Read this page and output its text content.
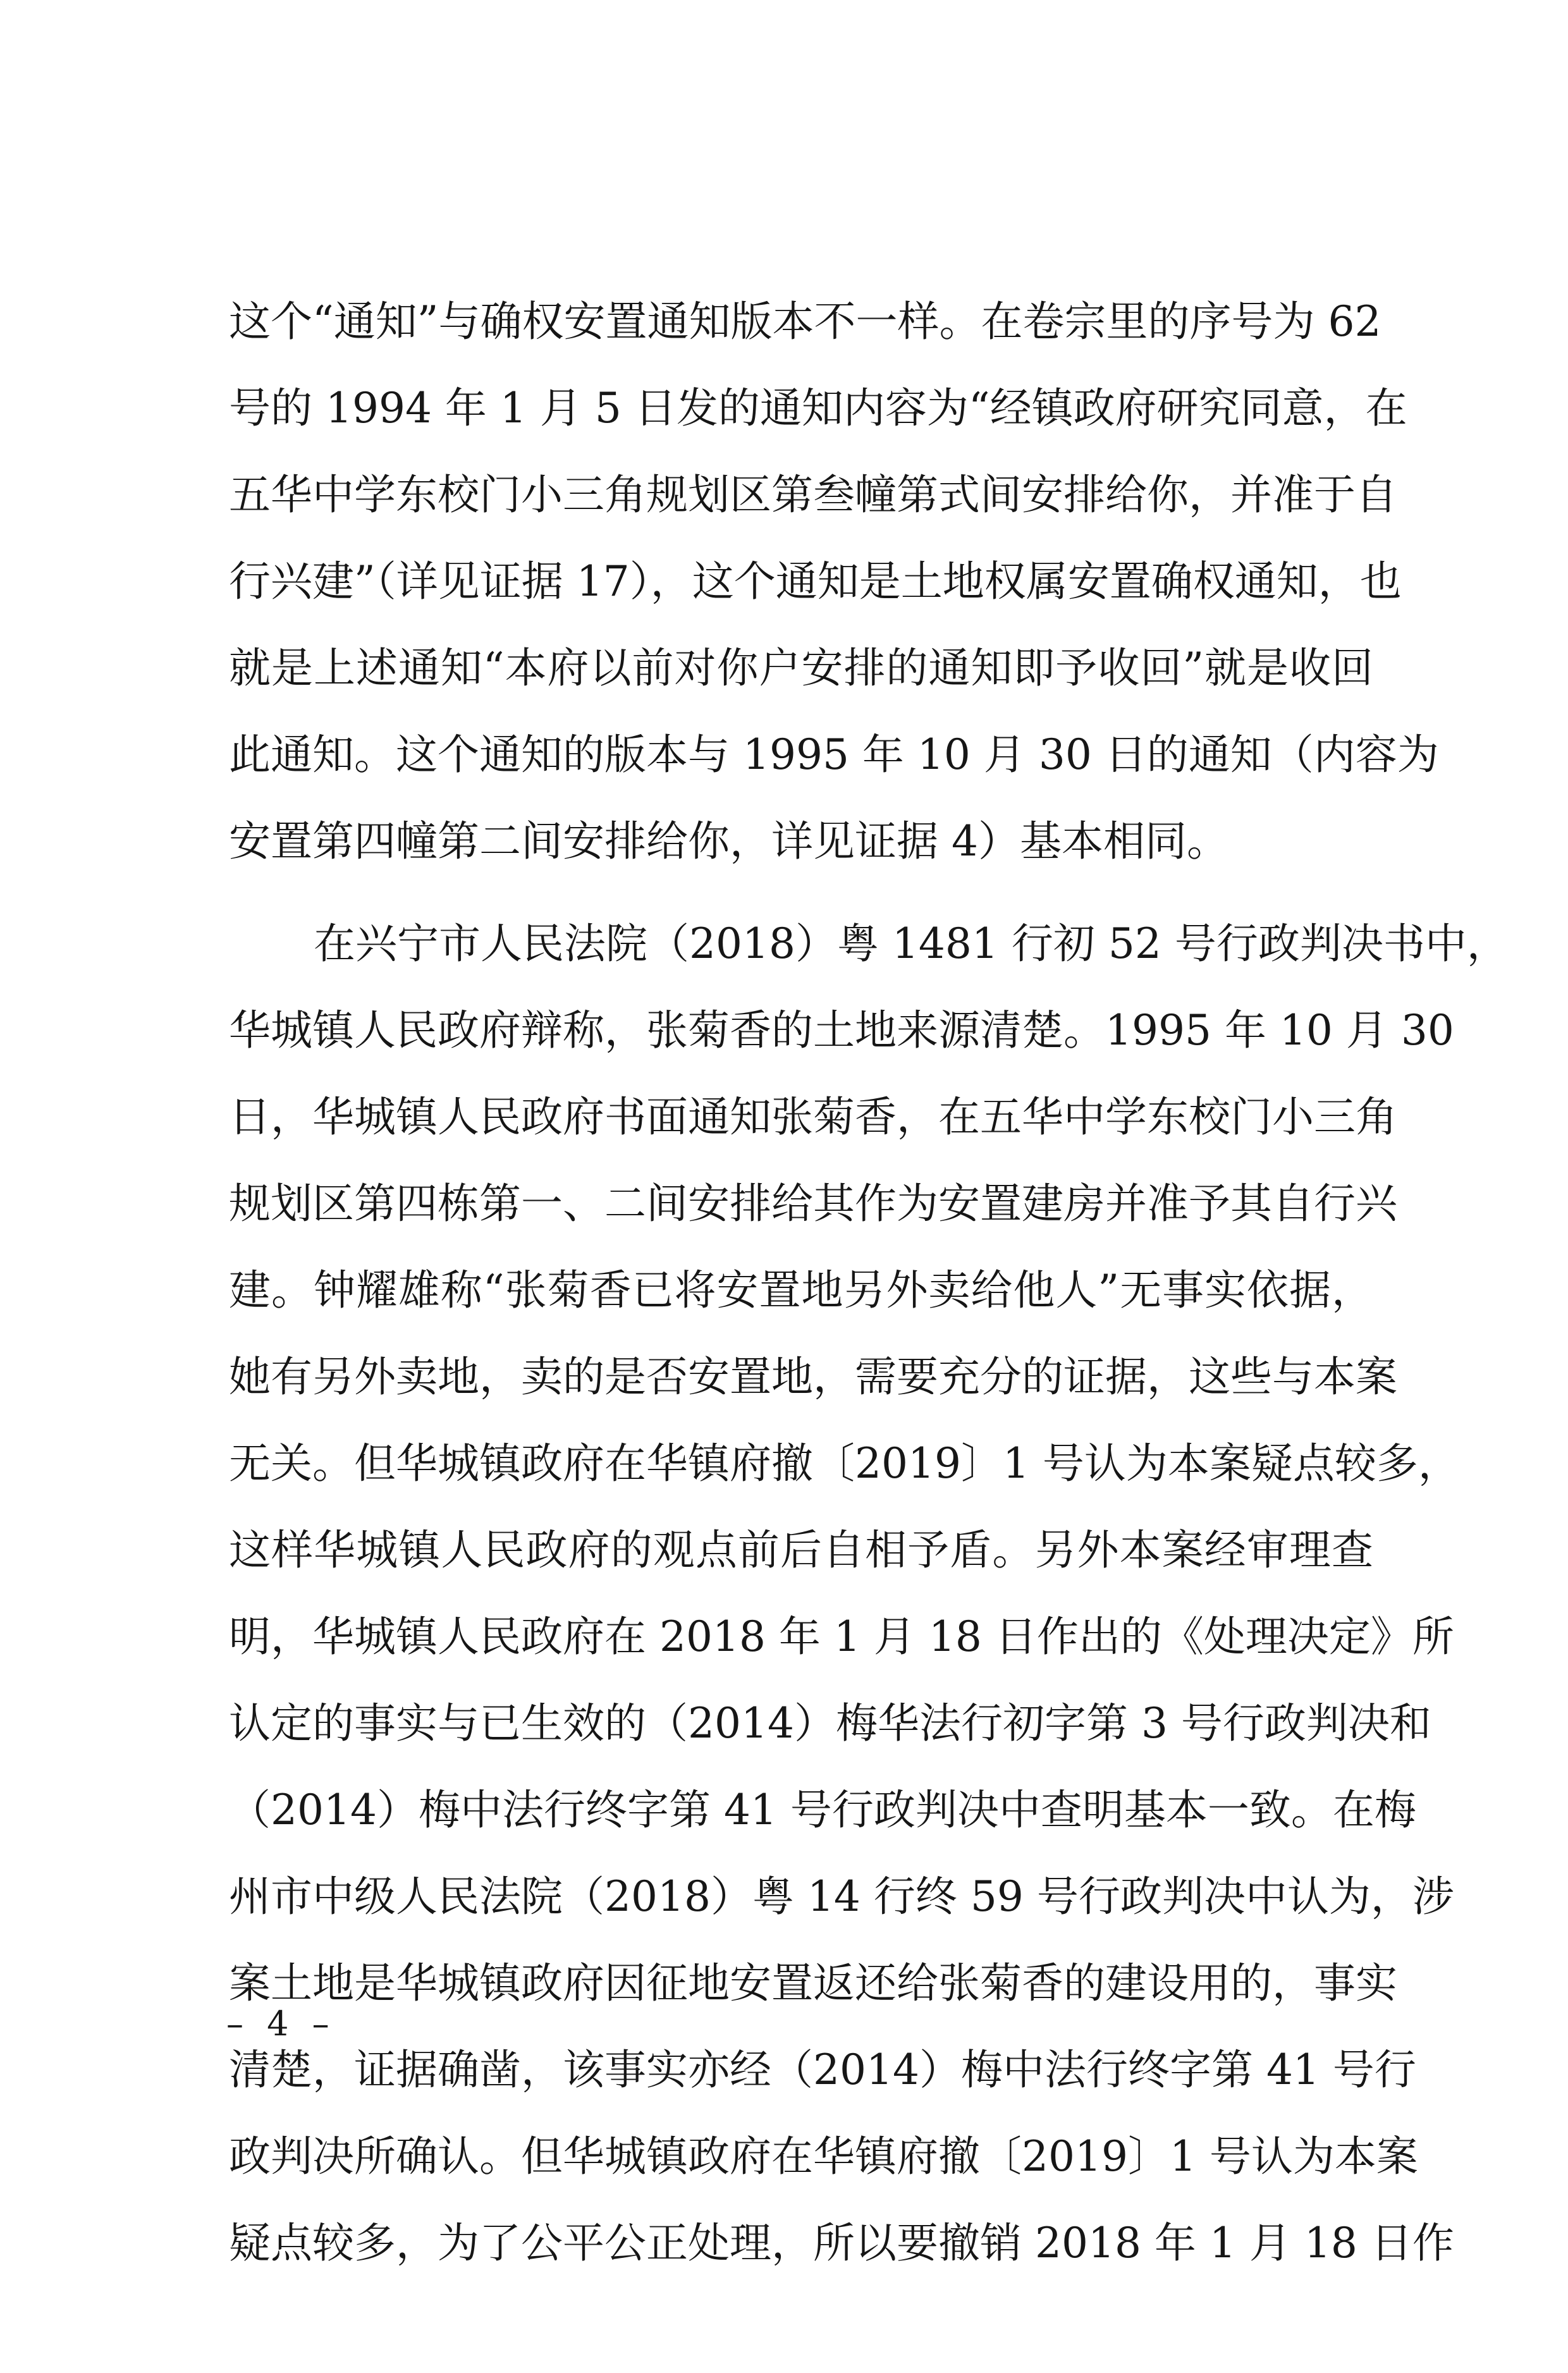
这个“通知”与确权安置通知版本不一样。在卷宗里的序号为 62
号的 1994 年 1 月 5 日发的通知内容为“经镇政府研究同意，在
五华中学东校门小三角规划区第叁幢第式间安排给你，并准于自
行兴建”（详见证据 17），这个通知是土地权属安置确权通知，也
就是上述通知“本府以前对你户安排的通知即予收回”就是收回
此通知。这个通知的版本与 1995 年 10 月 30 日的通知（内容为
安置第四幢第二间安排给你，详见证据 4）基本相同。
在兴宁市人民法院（2018）粤 1481 行初 52 号行政判决书中，
华城镇人民政府辩称，张菊香的土地来源清楚。1995 年 10 月 30
日，华城镇人民政府书面通知张菊香，在五华中学东校门小三角
规划区第四栋第一、二间安排给其作为安置建房并准予其自行兴
建。钟耀雄称“张菊香已将安置地另外卖给他人”无事实依据，
她有另外卖地，卖的是否安置地，需要充分的证据，这些与本案
无关。但华城镇政府在华镇府撤〔2019〕1 号认为本案疑点较多，
这样华城镇人民政府的观点前后自相予盾。另外本案经审理查
明，华城镇人民政府在 2018 年 1 月 18 日作出的《处理决定》所
认定的事实与已生效的（2014）梅华法行初字第 3 号行政判决和
（2014）梅中法行终字第 41 号行政判决中查明基本一致。在梅
州市中级人民法院（2018）粤 14 行终 59 号行政判决中认为，涉
案土地是华城镇政府因征地安置返还给张菊香的建设用的，事实
清楚，证据确凿，该事实亦经（2014）梅中法行终字第 41 号行
政判决所确认。但华城镇政府在华镇府撤〔2019〕1 号认为本案
疑点较多，为了公平公正处理，所以要撤销 2018 年 1 月 18 日作
– 4 –
